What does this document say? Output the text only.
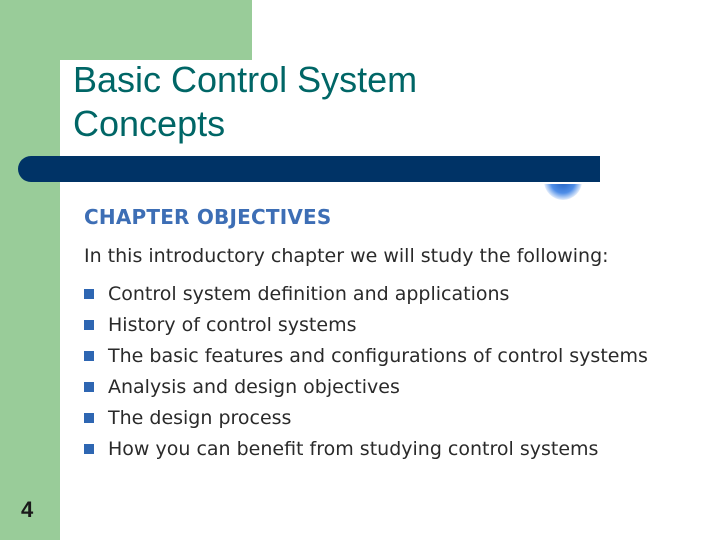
Basic Control System
Concepts
CHAPTER OBJECTIVES

In this introductory chapter we will study the following:

Control system definition and applications
History of control systems
The basic features and configurations of control systems
Analysis and design objectives
The design process
How you can benefit from studying control systems
4
